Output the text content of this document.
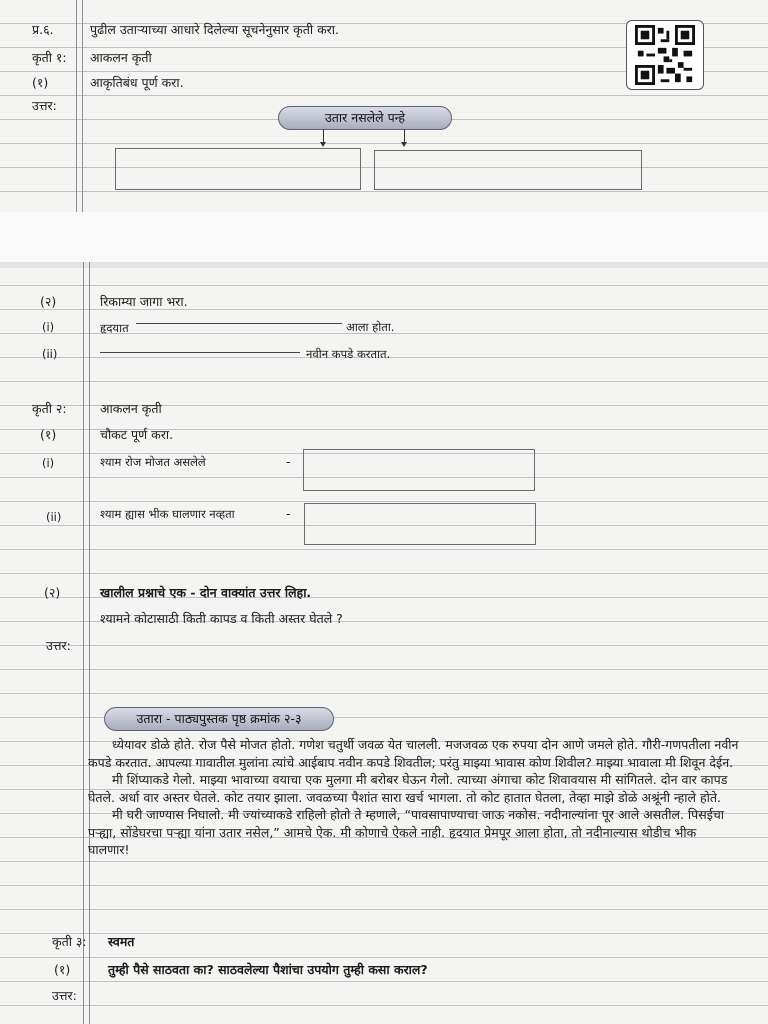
प्र.६.	पुढील उताऱ्याच्या आधारे दिलेल्या सूचनेनुसार कृती करा.
कृती १: आकलन कृती
(१)	आकृतिबंध पूर्ण करा.
उत्तर:
उतार नसलेले पन्हे
(२)	रिकाम्या जागा भरा.
(i)	हृदयात	आला होता.
(ii)	नवीन कपडे करतात.
कृती २:	आकलन कृती
(१)	चौकट पूर्ण करा.
(i)	श्याम रोज मोजत असलेले	-
(ii)	श्याम ह्यास भीक घालणार नव्हता	-
(२)	खालील प्रश्नाचे एक - दोन वाक्यांत उत्तर लिहा.
श्यामने कोटासाठी किती कापड व किती अस्तर घेतले ?
उत्तर:
उतारा - पाठ्यपुस्तक पृष्ठ क्रमांक २-३

ध्येयावर डोळे होते. रोज पैसे मोजत होतो. गणेश चतुर्थी जवळ येत चालली. मजजवळ एक रुपया दोन आणे जमले होते. गौरी-गणपतीला नवीन कपडे करतात. आपल्या गावातील मुलांना त्यांचे आईबाप नवीन कपडे शिवतील; परंतु माझ्या भावास कोण शिवील? माझ्या भावाला मी शिवून देईन.

मी शिंप्याकडे गेलो. माझ्या भावाच्या वयाचा एक मुलगा मी बरोबर घेऊन गेलो. त्याच्या अंगाचा कोट शिवावयास मी सांगितले. दोन वार कापड घेतले. अर्धा वार अस्तर घेतले. कोट तयार झाला. जवळच्या पैशांत सारा खर्च भागला. तो कोट हातात घेतला, तेव्हा माझे डोळे अश्रूंनी न्हाले होते.

मी घरी जाण्यास निघालो. मी ज्यांच्याकडे राहिलो होतो ते म्हणाले, “पावसापाण्याचा जाऊ नकोस. नदीनाल्यांना पूर आले असतील. पिसईचा पऱ्ह्या, सोंडेघरचा पऱ्ह्या यांना उतार नसेल,” आमचे ऐक. मी कोणाचे ऐकले नाही. हृदयात प्रेमपूर आला होता, तो नदीनाल्यास थोडीच भीक घालणार!

कृती ३: स्वमत
(१)	तुम्ही पैसे साठवता का? साठवलेल्या पैशांचा उपयोग तुम्ही कसा कराल?
उत्तर:
